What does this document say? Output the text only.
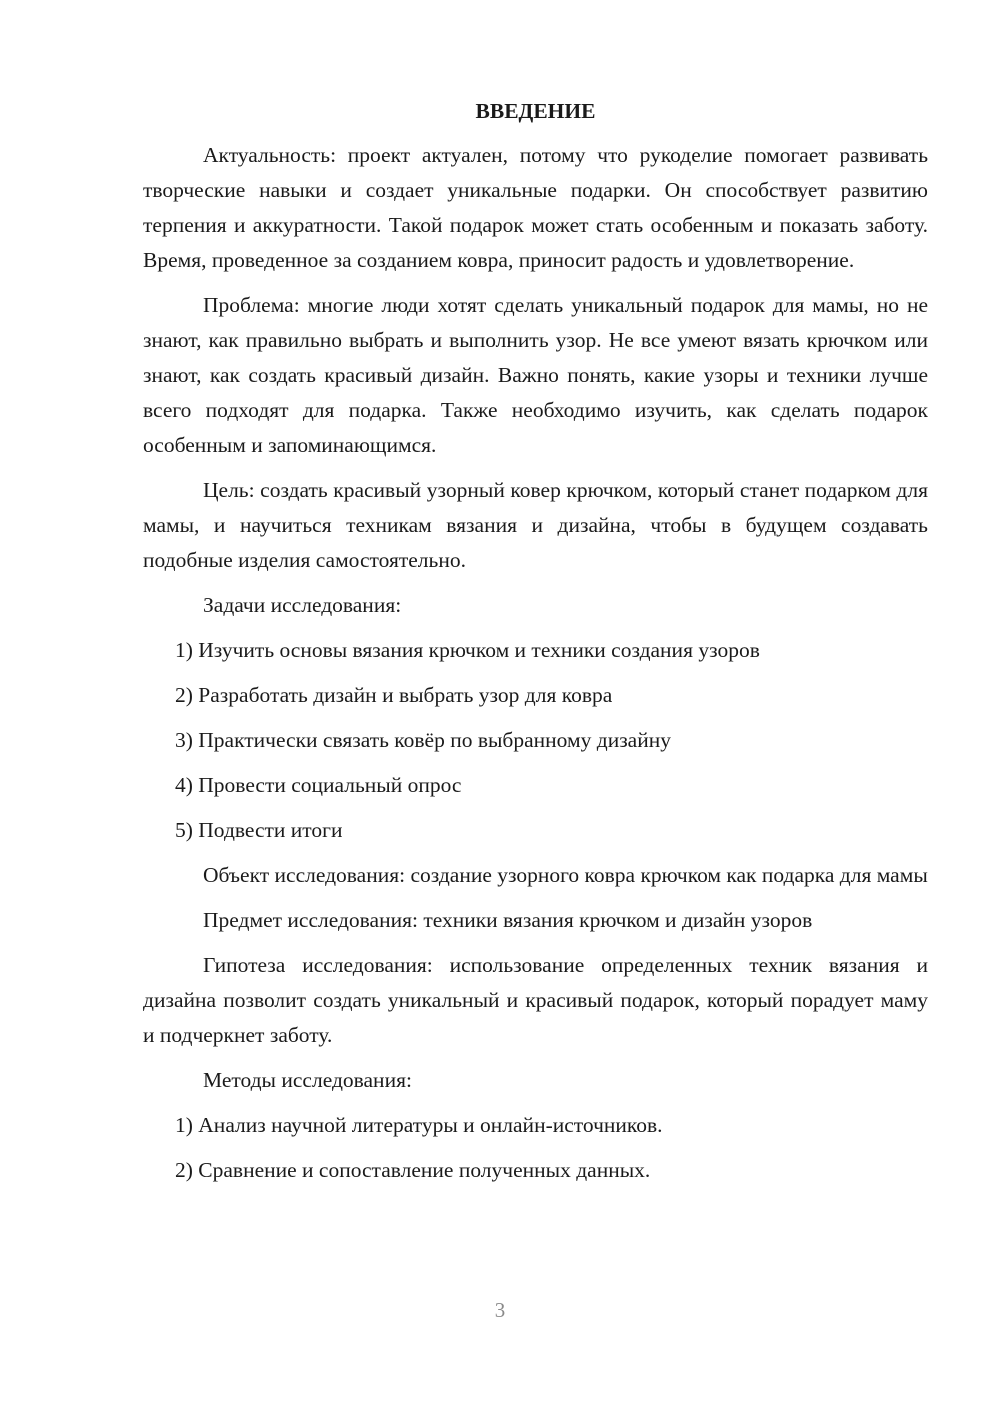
ВВЕДЕНИЕ

Актуальность: проект актуален, потому что рукоделие помогает развивать творческие навыки и создает уникальные подарки. Он способствует развитию терпения и аккуратности. Такой подарок может стать особенным и показать заботу. Время, проведенное за созданием ковра, приносит радость и удовлетворение.

Проблема: многие люди хотят сделать уникальный подарок для мамы, но не знают, как правильно выбрать и выполнить узор. Не все умеют вязать крючком или знают, как создать красивый дизайн. Важно понять, какие узоры и техники лучше всего подходят для подарка. Также необходимо изучить, как сделать подарок особенным и запоминающимся.

Цель: создать красивый узорный ковер крючком, который станет подарком для мамы, и научиться техникам вязания и дизайна, чтобы в будущем создавать подобные изделия самостоятельно.

Задачи исследования:

1) Изучить основы вязания крючком и техники создания узоров
2) Разработать дизайн и выбрать узор для ковра
3) Практически связать ковёр по выбранному дизайну
4) Провести социальный опрос
5) Подвести итоги

Объект исследования: создание узорного ковра крючком как подарка для мамы

Предмет исследования: техники вязания крючком и дизайн узоров

Гипотеза исследования: использование определенных техник вязания и дизайна позволит создать уникальный и красивый подарок, который порадует маму и подчеркнет заботу.

Методы исследования:

1) Анализ научной литературы и онлайн-источников.
2) Сравнение и сопоставление полученных данных.
3
